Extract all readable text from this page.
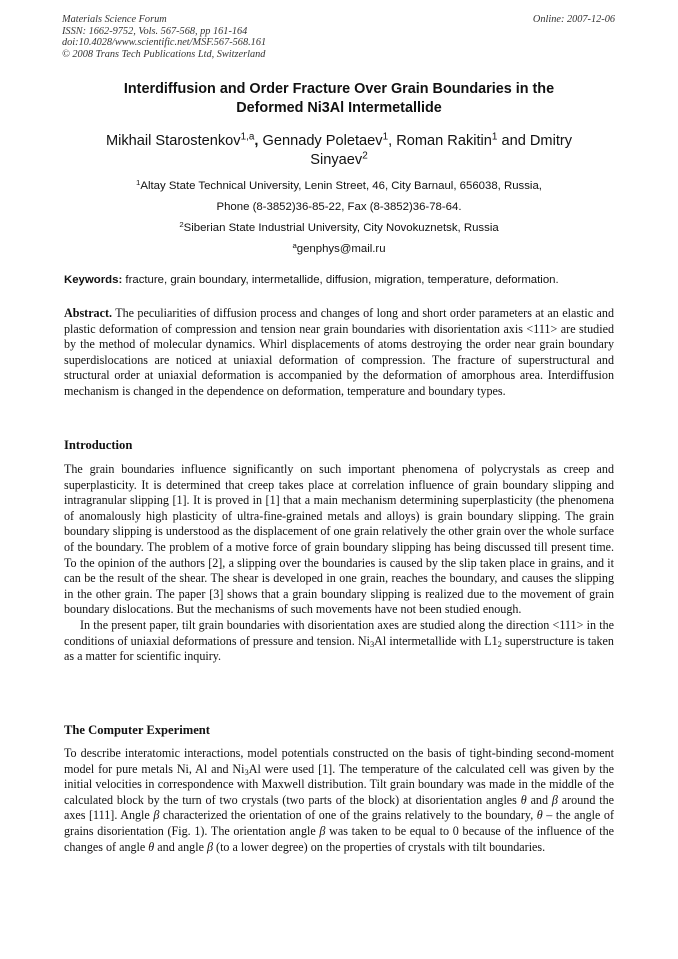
Materials Science Forum
ISSN: 1662-9752, Vols. 567-568, pp 161-164
doi:10.4028/www.scientific.net/MSF.567-568.161
© 2008 Trans Tech Publications Ltd, Switzerland
Online: 2007-12-06
Interdiffusion and Order Fracture Over Grain Boundaries in the
Deformed Ni3Al Intermetallide
Mikhail Starostenkov$^{1,a}$, Gennady Poletaev$^1$, Roman Rakitin$^1$ and Dmitry
Sinyaev$^2$
$^1$Altay State Technical University, Lenin Street, 46, City Barnaul, 656038, Russia,
Phone (8-3852)36-85-22, Fax (8-3852)36-78-64.
$^2$Siberian State Industrial University, City Novokuznetsk, Russia
$^a$genphys@mail.ru
Keywords: fracture, grain boundary, intermetallide, diffusion, migration, temperature, deformation.

Abstract. The peculiarities of diffusion process and changes of long and short order parameters at an elastic and plastic deformation of compression and tension near grain boundaries with disorientation axis <111> are studied by the method of molecular dynamics. Whirl displacements of atoms destroying the order near grain boundary superdislocations are noticed at uniaxial deformation of compression. The fracture of superstructural and structural order at uniaxial deformation is accompanied by the deformation of amorphous area. Interdiffusion mechanism is changed in the dependence on deformation, temperature and boundary types.

Introduction

The grain boundaries influence significantly on such important phenomena of polycrystals as creep and superplasticity. It is determined that creep takes place at correlation influence of grain boundary slipping and intragranular slipping [1]. It is proved in [1] that a main mechanism determining superplasticity (the phenomena of anomalously high plasticity of ultra-fine-grained metals and alloys) is grain boundary slipping. The grain boundary slipping is understood as the displacement of one grain relatively the other grain over the whole surface of the boundary. The problem of a motive force of grain boundary slipping has being discussed till present time. To the opinion of the authors [2], a slipping over the boundaries is caused by the slip taken place in grains, and it can be the result of the shear. The shear is developed in one grain, reaches the boundary, and causes the slipping in the other grain. The paper [3] shows that a grain boundary slipping is realized due to the movement of grain boundary dislocations. But the mechanisms of such movements have not been studied enough.

In the present paper, tilt grain boundaries with disorientation axes are studied along the direction <111> in the conditions of uniaxial deformations of pressure and tension. $Ni_3Al$ intermetallide with $L1_2$ superstructure is taken as a matter for scientific inquiry.

The Computer Experiment

To describe interatomic interactions, model potentials constructed on the basis of tight-binding second-moment model for pure metals Ni, Al and $Ni_3Al$ were used [1]. The temperature of the calculated cell was given by the initial velocities in correspondence with Maxwell distribution. Tilt grain boundary was made in the middle of the calculated block by the turn of two crystals (two parts of the block) at disorientation angles θ and β around the axes [111]. Angle β characterized the orientation of one of the grains relatively to the boundary, θ – the angle of grains disorientation (Fig. 1). The orientation angle β was taken to be equal to 0 because of the influence of the changes of angle θ and angle β (to a lower degree) on the properties of crystals with tilt boundaries.
